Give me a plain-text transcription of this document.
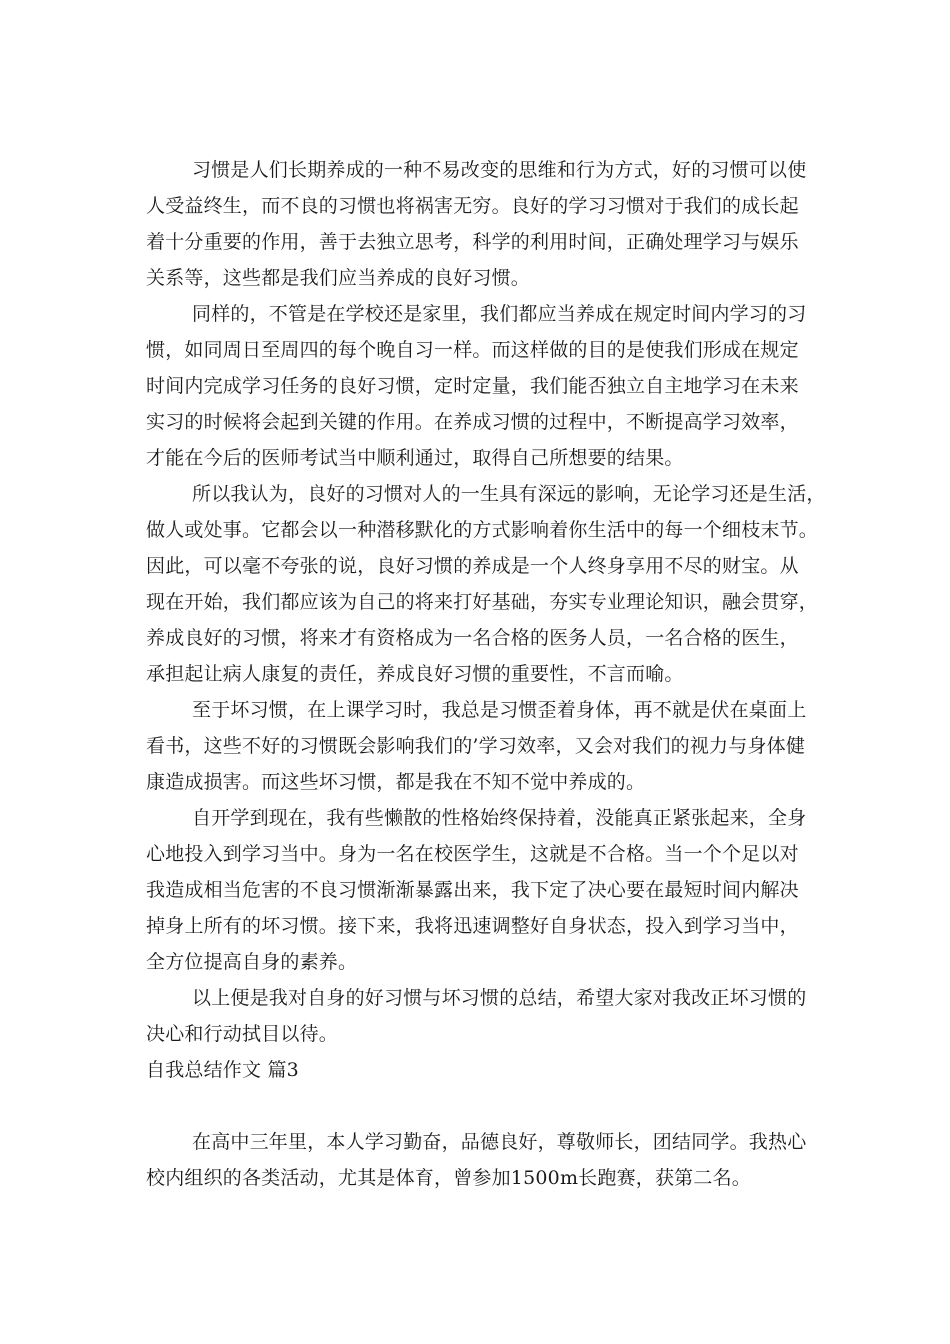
习惯是人们长期养成的一种不易改变的思维和行为方式，好的习惯可以使
人受益终生，而不良的习惯也将祸害无穷。良好的学习习惯对于我们的成长起
着十分重要的作用，善于去独立思考，科学的利用时间，正确处理学习与娱乐
关系等，这些都是我们应当养成的良好习惯。
同样的，不管是在学校还是家里，我们都应当养成在规定时间内学习的习
惯，如同周日至周四的每个晚自习一样。而这样做的目的是使我们形成在规定
时间内完成学习任务的良好习惯，定时定量，我们能否独立自主地学习在未来
实习的时候将会起到关键的作用。在养成习惯的过程中，不断提高学习效率，
才能在今后的医师考试当中顺利通过，取得自己所想要的结果。
所以我认为，良好的习惯对人的一生具有深远的影响，无论学习还是生活，
做人或处事。它都会以一种潜移默化的方式影响着你生活中的每一个细枝末节。
因此，可以毫不夸张的说，良好习惯的养成是一个人终身享用不尽的财宝。从
现在开始，我们都应该为自己的将来打好基础，夯实专业理论知识，融会贯穿，
养成良好的习惯，将来才有资格成为一名合格的医务人员，一名合格的医生，
承担起让病人康复的责任，养成良好习惯的重要性，不言而喻。
至于坏习惯，在上课学习时，我总是习惯歪着身体，再不就是伏在桌面上
看书，这些不好的习惯既会影响我们的’学习效率，又会对我们的视力与身体健
康造成损害。而这些坏习惯，都是我在不知不觉中养成的。
自开学到现在，我有些懒散的性格始终保持着，没能真正紧张起来，全身
心地投入到学习当中。身为一名在校医学生，这就是不合格。当一个个足以对
我造成相当危害的不良习惯渐渐暴露出来，我下定了决心要在最短时间内解决
掉身上所有的坏习惯。接下来，我将迅速调整好自身状态，投入到学习当中，
全方位提高自身的素养。
以上便是我对自身的好习惯与坏习惯的总结，希望大家对我改正坏习惯的
决心和行动拭目以待。
自我总结作文 篇3
在高中三年里，本人学习勤奋，品德良好，尊敬师长，团结同学。我热心
校内组织的各类活动，尤其是体育，曾参加1500m长跑赛，获第二名。
